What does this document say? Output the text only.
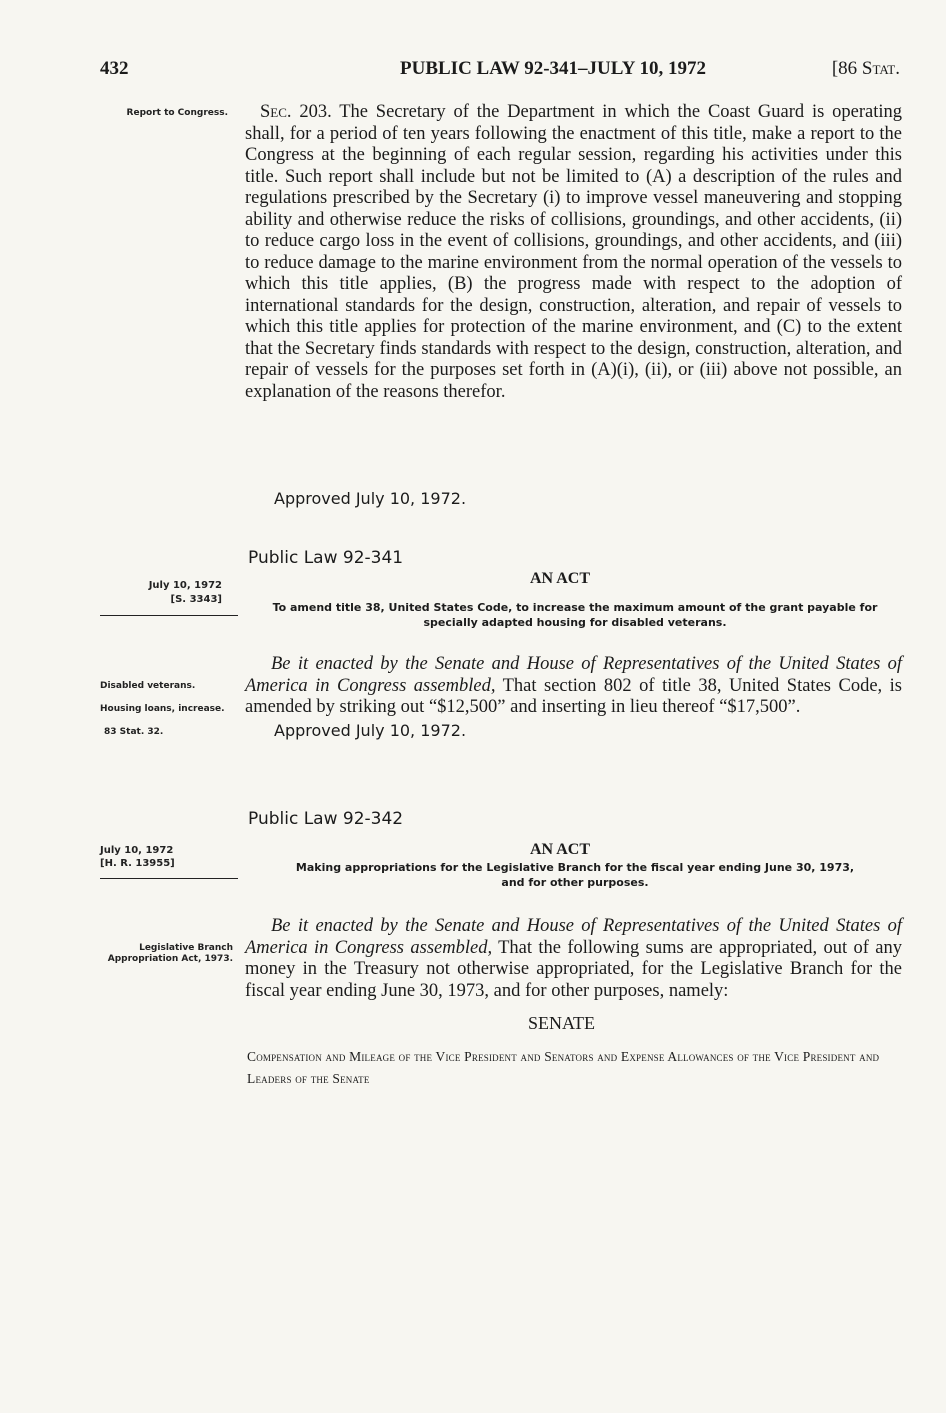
432	PUBLIC LAW 92-341–JULY 10, 1972	[86 Stat.
Report to Congress.	Sec. 203. The Secretary of the Department in which the Coast Guard is operating shall, for a period of ten years following the enactment of this title, make a report to the Congress at the beginning of each regular session, regarding his activities under this title. Such report shall include but not be limited to (A) a description of the rules and regulations prescribed by the Secretary (i) to improve vessel maneuvering and stopping ability and otherwise reduce the risks of collisions, groundings, and other accidents, (ii) to reduce cargo loss in the event of collisions, groundings, and other accidents, and (iii) to reduce damage to the marine environment from the normal operation of the vessels to which this title applies, (B) the progress made with respect to the adoption of international standards for the design, construction, alteration, and repair of vessels to which this title applies for protection of the marine environment, and (C) to the extent that the Secretary finds standards with respect to the design, construction, alteration, and repair of vessels for the purposes set forth in (A)(i), (ii), or (iii) above not possible, an explanation of the reasons therefor.
Approved July 10, 1972.
Public Law 92-341
July 10, 1972
[S. 3343]
AN ACT
To amend title 38, United States Code, to increase the maximum amount of the grant payable for specially adapted housing for disabled veterans.
Disabled veterans.
Housing loans, increase.
83 Stat. 32.
Be it enacted by the Senate and House of Representatives of the United States of America in Congress assembled, That section 802 of title 38, United States Code, is amended by striking out “$12,500” and inserting in lieu thereof “$17,500”.
Approved July 10, 1972.
Public Law 92-342
July 10, 1972
[H. R. 13955]
AN ACT
Making appropriations for the Legislative Branch for the fiscal year ending June 30, 1973, and for other purposes.
Legislative Branch Appropriation Act, 1973.
Be it enacted by the Senate and House of Representatives of the United States of America in Congress assembled, That the following sums are appropriated, out of any money in the Treasury not otherwise appropriated, for the Legislative Branch for the fiscal year ending June 30, 1973, and for other purposes, namely:
SENATE
Compensation and Mileage of the Vice President and Senators and Expense Allowances of the Vice President and Leaders of the Senate
